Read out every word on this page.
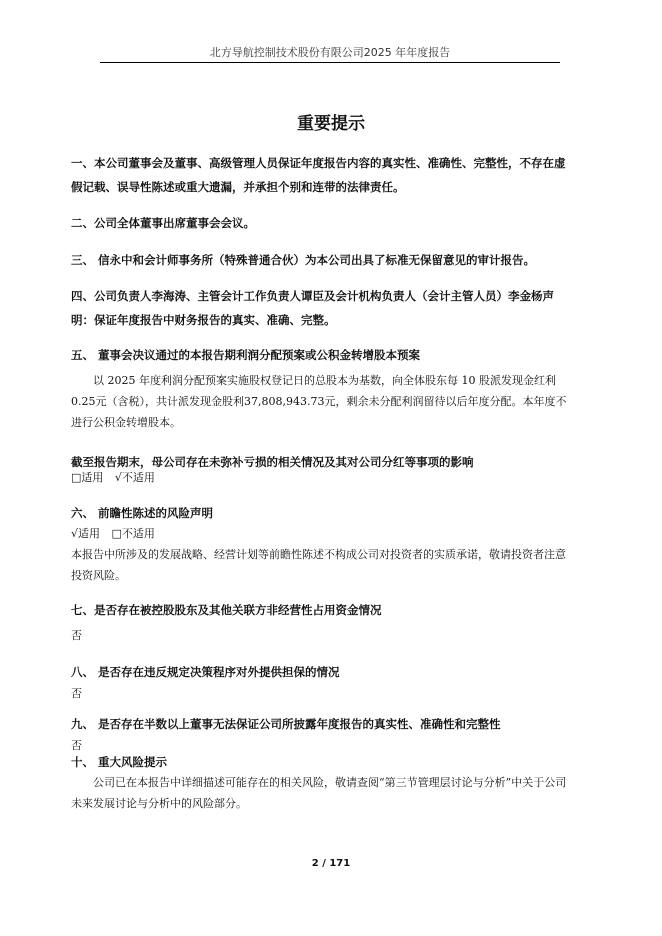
北方导航控制技术股份有限公司2025 年年度报告
重要提示
一、本公司董事会及董事、高级管理人员保证年度报告内容的真实性、准确性、完整性，不存在虚假记载、误导性陈述或重大遗漏，并承担个别和连带的法律责任。
二、公司全体董事出席董事会会议。
三、 信永中和会计师事务所（特殊普通合伙）为本公司出具了标准无保留意见的审计报告。
四、公司负责人李海涛、主管会计工作负责人谭臣及会计机构负责人（会计主管人员）李金杨声明：保证年度报告中财务报告的真实、准确、完整。
五、 董事会决议通过的本报告期利润分配预案或公积金转增股本预案
以 2025 年度利润分配预案实施股权登记日的总股本为基数，向全体股东每 10 股派发现金红利 0.25元（含税），共计派发现金股利37,808,943.73元，剩余未分配利润留待以后年度分配。本年度不进行公积金转增股本。
截至报告期末，母公司存在未弥补亏损的相关情况及其对公司分红等事项的影响
□适用 √不适用
六、 前瞻性陈述的风险声明
√适用 □不适用
本报告中所涉及的发展战略、经营计划等前瞻性陈述不构成公司对投资者的实质承诺，敬请投资者注意投资风险。
七、是否存在被控股股东及其他关联方非经营性占用资金情况
否
八、 是否存在违反规定决策程序对外提供担保的情况
否
九、 是否存在半数以上董事无法保证公司所披露年度报告的真实性、准确性和完整性
否
十、 重大风险提示
公司已在本报告中详细描述可能存在的相关风险，敬请查阅“第三节管理层讨论与分析”中关于公司未来发展讨论与分析中的风险部分。
2 / 171
